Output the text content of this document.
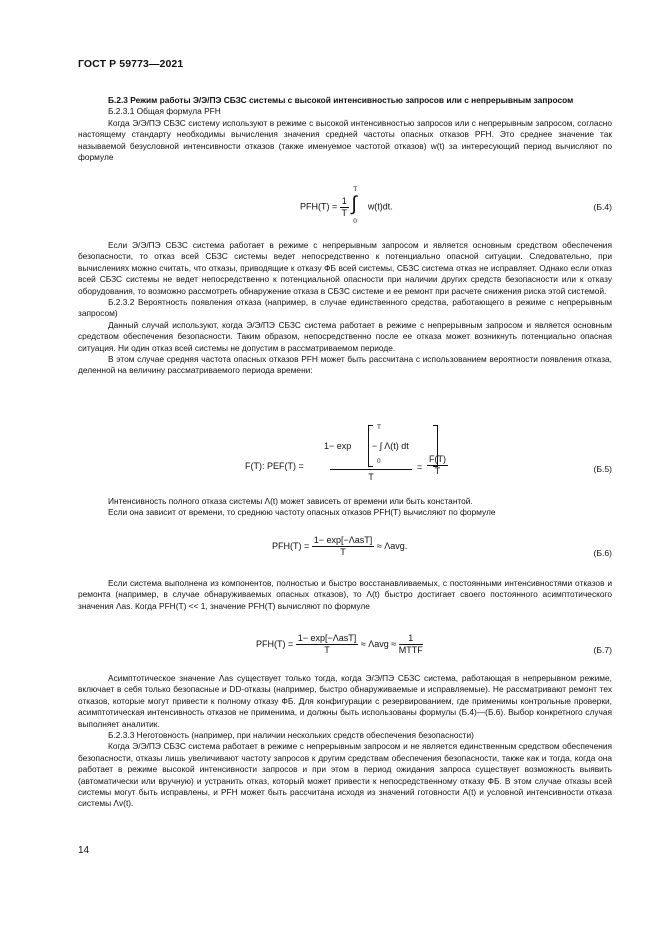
ГОСТ Р 59773—2021

Б.2.3 Режим работы Э/Э/ПЭ СБЗС системы с высокой интенсивностью запросов или с непрерывным запросом

Б.2.3.1 Общая формула PFH

Когда Э/Э/ПЭ СБЗС систему используют в режиме с высокой интенсивностью запросов или с непрерывным запросом, согласно настоящему стандарту необходимы вычисления значения средней частоты опасных отказов PFH. Это среднее значение так называемой безусловной интенсивности отказов (также именуемое частотой отказов) w(t) за интересующий период вычисляют по формуле

$PFH(T) = \frac{1}{T}$

T
∫
0
w(t)dt.	(Б.4)

Если Э/Э/ПЭ СБЗС система работает в режиме с непрерывным запросом и является основным средством обеспечения безопасности, то отказ всей СБЗС системы ведет непосредственно к потенциально опасной ситуации. Следовательно, при вычислениях можно считать, что отказы, приводящие к отказу ФБ всей системы, СБЗС система отказ не исправляет. Однако если отказ всей СБЗС системы не ведет непосредственно к потенциальной опасности при наличии других средств безопасности или к отказу оборудования, то возможно рассмотреть обнаружение отказа в СБЗС системе и ее ремонт при расчете снижения риска этой системой.

Б.2.3.2 Вероятность появления отказа (например, в случае единственного средства, работающего в режиме с непрерывным запросом)

Данный случай используют, когда Э/Э/ПЭ СБЗС система работает в режиме с непрерывным запросом и является основным средством обеспечения безопасности. Таким образом, непосредственно после ее отказа может возникнуть потенциально опасная ситуация. Ни один отказ всей системы не допустим в рассматриваемом периоде.

В этом случае средняя частота опасных отказов PFH может быть рассчитана с использованием вероятности появления отказа, деленной на величину рассматриваемого периода времени:

F(T): PEF(T) =
1− exp
T
− ∫ Λ(t) dt
0
T
= $\frac{F(T)}{T}$	(Б.5)

Интенсивность полного отказа системы Λ(t) может зависеть от времени или быть константой.

Если она зависит от времени, то среднюю частоту опасных отказов PFH(T) вычисляют по формуле

$PFH(T) = \frac{\text{1− exp[−ΛasT]}}{T} \approx \Lambda avg$.
(Б.6)

Если система выполнена из компонентов, полностью и быстро восстанавливаемых, с постоянными интенсивностями отказов и ремонта (например, в случае обнаруживаемых опасных отказов), то Λ(t) быстро достигает своего постоянного асимптотического значения Λas. Когда PFH(T) << 1, значение PFH(T) вычисляют по формуле

$PFH(T) = \frac{\text{1− exp[−ΛasT]}}{T} \approx \Lambda avg \approx \frac{1}{\text{MTTF}}$	(Б.7)

Асимптотическое значение Λas существует только тогда, когда Э/Э/ПЭ СБЗС система, работающая в непрерывном режиме, включает в себя только безопасные и DD-отказы (например, быстро обнаруживаемые и исправляемые). Не рассматривают ремонт тех отказов, которые могут привести к полному отказу ФБ. Для конфигурации с резервированием, где применимы контрольные проверки, асимптотическая интенсивность отказов не применима, и должны быть использованы формулы (Б.4)—(Б.6). Выбор конкретного случая выполняет аналитик.

Б.2.3.3 Неготовность (например, при наличии нескольких средств обеспечения безопасности)

Когда Э/Э/ПЭ СБЗС система работает в режиме с непрерывным запросом и не является единственным средством обеспечения безопасности, отказы лишь увеличивают частоту запросов к другим средствам обеспечения безопасности, также как и тогда, когда она работает в режиме высокой интенсивности запросов и при этом в период ожидания запроса существует возможность выявить (автоматически или вручную) и устранить отказ, который может привести к непосредственному отказу ФБ. В этом случае отказы всей системы могут быть исправлены, и PFH может быть рассчитана исходя из значений готовности A(t) и условной интенсивности отказа системы Λv(t).

14
